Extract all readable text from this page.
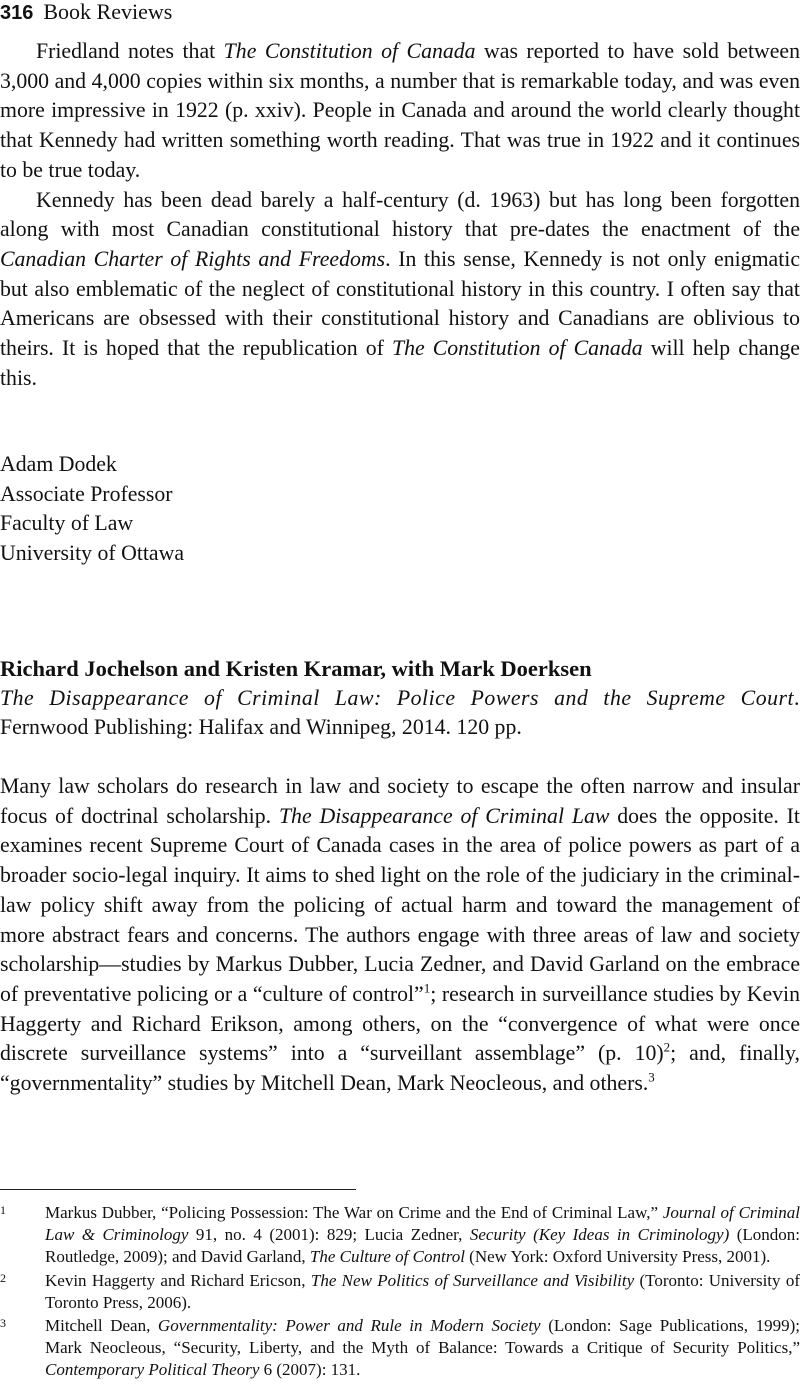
316 Book Reviews

Friedland notes that The Constitution of Canada was reported to have sold between 3,000 and 4,000 copies within six months, a number that is remarkable today, and was even more impressive in 1922 (p. xxiv). People in Canada and around the world clearly thought that Kennedy had written something worth reading. That was true in 1922 and it continues to be true today.

Kennedy has been dead barely a half-century (d. 1963) but has long been forgotten along with most Canadian constitutional history that pre-dates the enactment of the Canadian Charter of Rights and Freedoms. In this sense, Kennedy is not only enigmatic but also emblematic of the neglect of constitutional history in this country. I often say that Americans are obsessed with their constitutional history and Canadians are oblivious to theirs. It is hoped that the republication of The Constitution of Canada will help change this.

Adam Dodek
Associate Professor
Faculty of Law
University of Ottawa
Richard Jochelson and Kristen Kramar, with Mark Doerksen
The Disappearance of Criminal Law: Police Powers and the Supreme Court.
Fernwood Publishing: Halifax and Winnipeg, 2014. 120 pp.

Many law scholars do research in law and society to escape the often narrow and insular focus of doctrinal scholarship. The Disappearance of Criminal Law does the opposite. It examines recent Supreme Court of Canada cases in the area of police powers as part of a broader socio-legal inquiry. It aims to shed light on the role of the judiciary in the criminal-law policy shift away from the policing of actual harm and toward the management of more abstract fears and concerns. The authors engage with three areas of law and society scholarship—studies by Markus Dubber, Lucia Zedner, and David Garland on the embrace of preventative policing or a “culture of control”$^1$; research in surveillance studies by Kevin Haggerty and Richard Erikson, among others, on the “convergence of what were once discrete surveillance systems” into a “surveillant assemblage” (p. 10)$^2$; and, finally, “governmentality” studies by Mitchell Dean, Mark Neocleous, and others.$^3$

1 Markus Dubber, “Policing Possession: The War on Crime and the End of Criminal Law,” Journal of Criminal Law & Criminology 91, no. 4 (2001): 829; Lucia Zedner, Security (Key Ideas in Criminology) (London: Routledge, 2009); and David Garland, The Culture of Control (New York: Oxford University Press, 2001).
2 Kevin Haggerty and Richard Ericson, The New Politics of Surveillance and Visibility (Toronto: University of Toronto Press, 2006).
3 Mitchell Dean, Governmentality: Power and Rule in Modern Society (London: Sage Publications, 1999); Mark Neocleous, “Security, Liberty, and the Myth of Balance: Towards a Critique of Security Politics,” Contemporary Political Theory 6 (2007): 131.
